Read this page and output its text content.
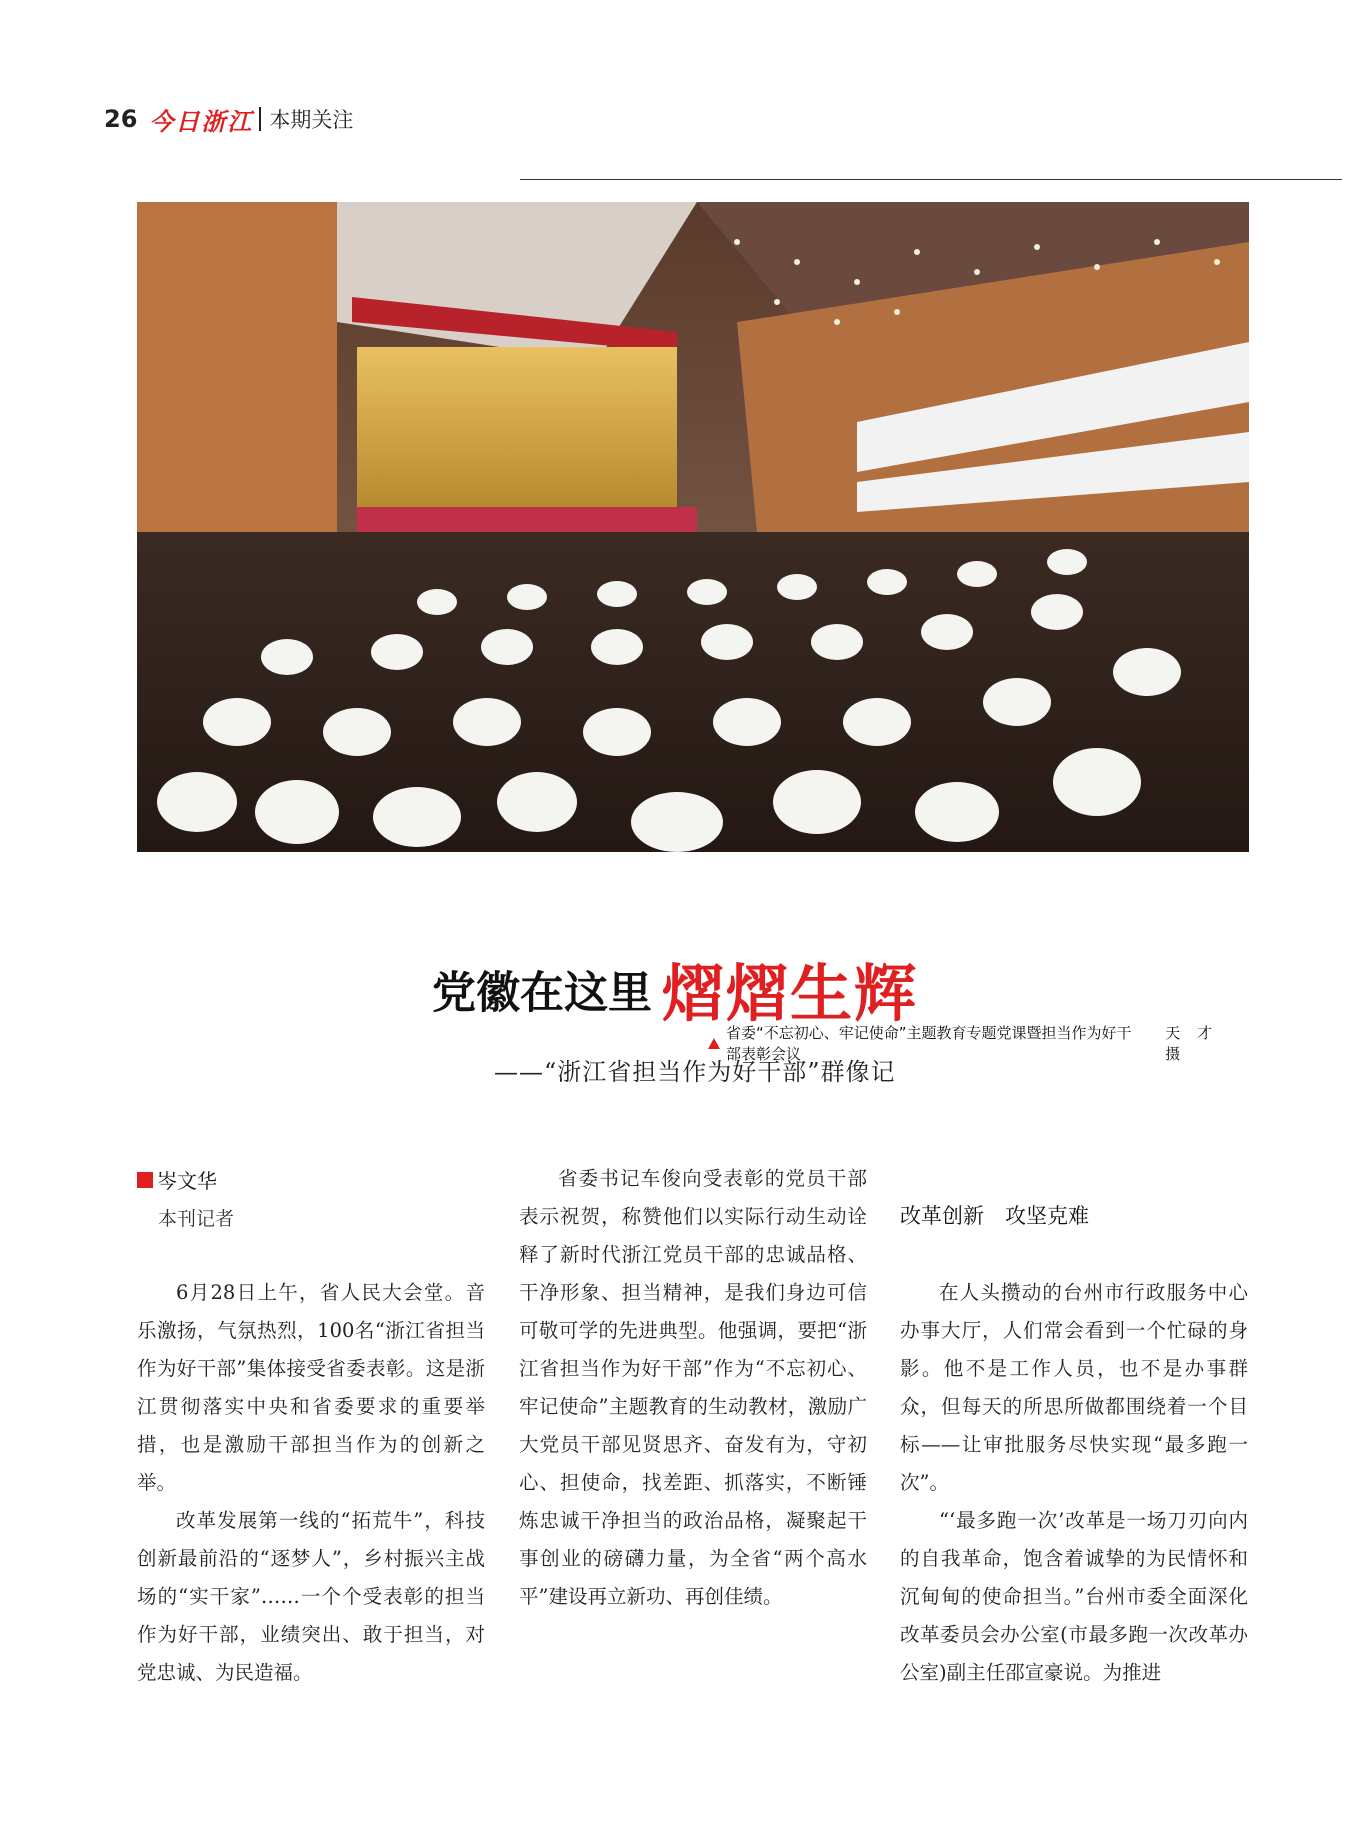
26 今日浙江 本期关注
省委“不忘初心、牢记使命”主题教育专题党课暨担当作为好干部表彰会议
天 才 摄
党徽在这里 熠熠生辉
——“浙江省担当作为好干部”群像记
岑文华
本刊记者

6月28日上午，省人民大会堂。音乐激扬，气氛热烈，100名“浙江省担当作为好干部”集体接受省委表彰。这是浙江贯彻落实中央和省委要求的重要举措，也是激励干部担当作为的创新之举。

改革发展第一线的“拓荒牛”，科技创新最前沿的“逐梦人”，乡村振兴主战场的“实干家”……一个个受表彰的担当作为好干部，业绩突出、敢于担当，对党忠诚、为民造福。

省委书记车俊向受表彰的党员干部表示祝贺，称赞他们以实际行动生动诠释了新时代浙江党员干部的忠诚品格、干净形象、担当精神，是我们身边可信可敬可学的先进典型。他强调，要把“浙江省担当作为好干部”作为“不忘初心、牢记使命”主题教育的生动教材，激励广大党员干部见贤思齐、奋发有为，守初心、担使命，找差距、抓落实，不断锤炼忠诚干净担当的政治品格，凝聚起干事创业的磅礴力量，为全省“两个高水平”建设再立新功、再创佳绩。

改革创新　攻坚克难

在人头攒动的台州市行政服务中心办事大厅，人们常会看到一个忙碌的身影。他不是工作人员，也不是办事群众，但每天的所思所做都围绕着一个目标——让审批服务尽快实现“最多跑一次”。

“‘最多跑一次’改革是一场刀刃向内的自我革命，饱含着诚挚的为民情怀和沉甸甸的使命担当。”台州市委全面深化改革委员会办公室(市最多跑一次改革办公室)副主任邵宣豪说。为推进
